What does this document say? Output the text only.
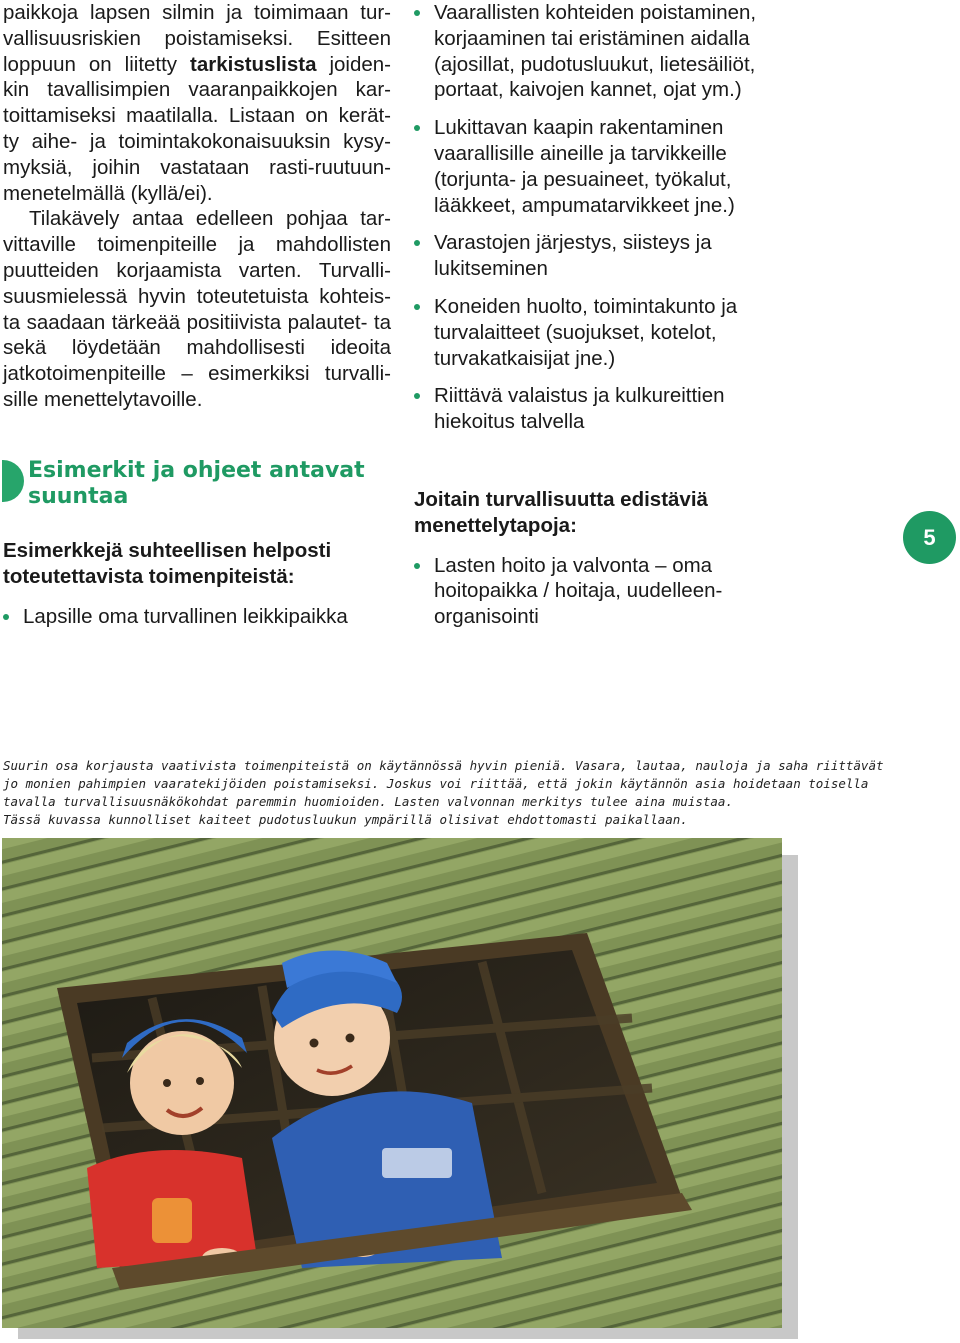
paikkoja lapsen silmin ja toimimaan tur- vallisuusriskien poistamiseksi. Esitteen loppuun on liitetty tarkistuslista joiden- kin tavallisimpien vaaranpaikkojen kar- toittamiseksi maatilalla. Listaan on kerät- ty aihe- ja toimintakokonaisuuksin kysy- myksiä, joihin vastataan rasti-ruutuun- menetelmällä (kyllä/ei).

Tilakävely antaa edelleen pohjaa tar- vittaville toimenpiteille ja mahdollisten puutteiden korjaamista varten. Turvalli- suusmielessä hyvin toteutetuista kohteis- ta saadaan tärkeää positiivista palautet- ta sekä löydetään mahdollisesti ideoita jatkotoimenpiteille – esimerkiksi turvalli- sille menettelytavoille.

Esimerkit ja ohjeet antavat
suuntaa

Esimerkkejä suhteellisen helposti
toteutettavista toimenpiteistä:

Lapsille oma turvallinen leikkipaikka
Vaarallisten kohteiden poistaminen,
korjaaminen tai eristäminen aidalla
(ajosillat, pudotusluukut, lietesäiliöt,
portaat, kaivojen kannet, ojat ym.)
Lukittavan kaapin rakentaminen
vaarallisille aineille ja tarvikkeille
(torjunta- ja pesuaineet, työkalut,
lääkkeet, ampumatarvikkeet jne.)
Varastojen järjestys, siisteys ja
lukitseminen
Koneiden huolto, toimintakunto ja
turvalaitteet (suojukset, kotelot,
turvakatkaisijat jne.)
Riittävä valaistus ja kulkureittien
hiekoitus talvella

Joitain turvallisuutta edistäviä
menettelytapoja:

Lasten hoito ja valvonta – oma
hoitopaikka / hoitaja, uudelleen-
organisointi
5
Suurin osa korjausta vaativista toimenpiteistä on käytännössä hyvin pieniä. Vasara, lautaa, nauloja ja saha riittävät
jo monien pahimpien vaaratekijöiden poistamiseksi. Joskus voi riittää, että jokin käytännön asia hoidetaan toisella
tavalla turvallisuusnäkökohdat paremmin huomioiden. Lasten valvonnan merkitys tulee aina muistaa.
Tässä kuvassa kunnolliset kaiteet pudotusluukun ympärillä olisivat ehdottomasti paikallaan.
